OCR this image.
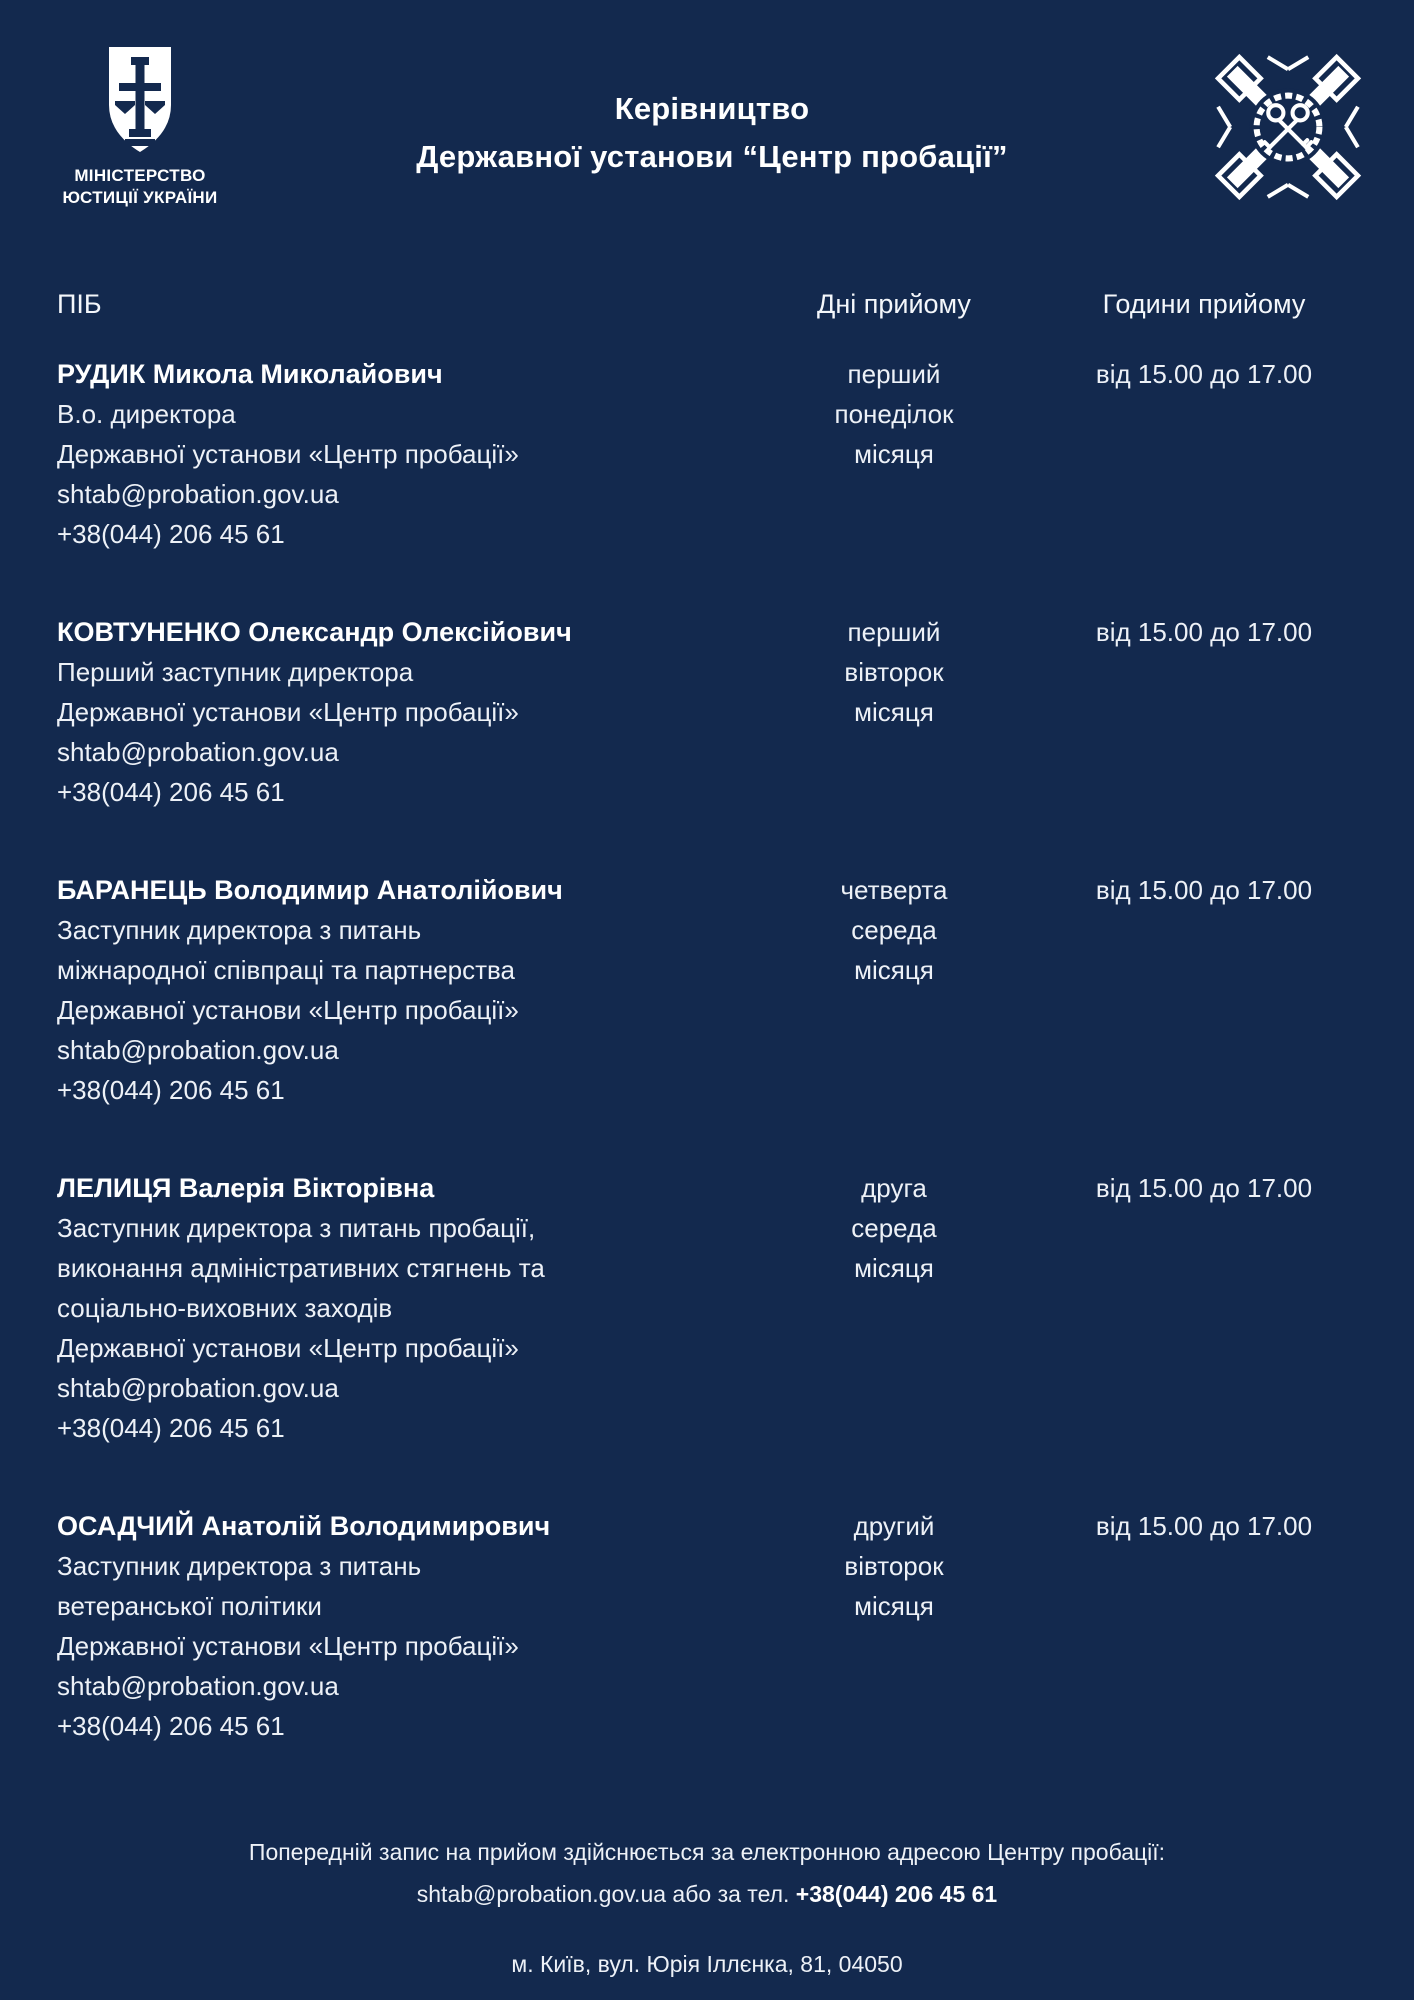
МІНІСТЕРСТВО
ЮСТИЦІЇ УКРАЇНИ
Керівництво
Державної установи “Центр пробації”
ПІБ	Дні прийому	Години прийому
РУДИК Микола Миколайович
В.о. директора
Державної установи «Центр пробації»
shtab@probation.gov.ua
+38(044) 206 45 61
перший
понеділок
місяця
від 15.00 до 17.00
КОВТУНЕНКО Олександр Олексійович
Перший заступник директора
Державної установи «Центр пробації»
shtab@probation.gov.ua
+38(044) 206 45 61
перший
вівторок
місяця
від 15.00 до 17.00
БАРАНЕЦЬ Володимир Анатолійович
Заступник директора з питань
міжнародної співпраці та партнерства
Державної установи «Центр пробації»
shtab@probation.gov.ua
+38(044) 206 45 61
четверта
середа
місяця
від 15.00 до 17.00
ЛЕЛИЦЯ Валерія Вікторівна
Заступник директора з питань пробації,
виконання адміністративних стягнень та
соціально-виховних заходів
Державної установи «Центр пробації»
shtab@probation.gov.ua
+38(044) 206 45 61
друга
середа
місяця
від 15.00 до 17.00
ОСАДЧИЙ Анатолій Володимирович
Заступник директора з питань
ветеранської політики
Державної установи «Центр пробації»
shtab@probation.gov.ua
+38(044) 206 45 61
другий
вівторок
місяця
від 15.00 до 17.00
Попередній запис на прийом здійснюється за електронною адресою Центру пробації:
shtab@probation.gov.ua або за тел. +38(044) 206 45 61
м. Київ, вул. Юрія Іллєнка, 81, 04050
